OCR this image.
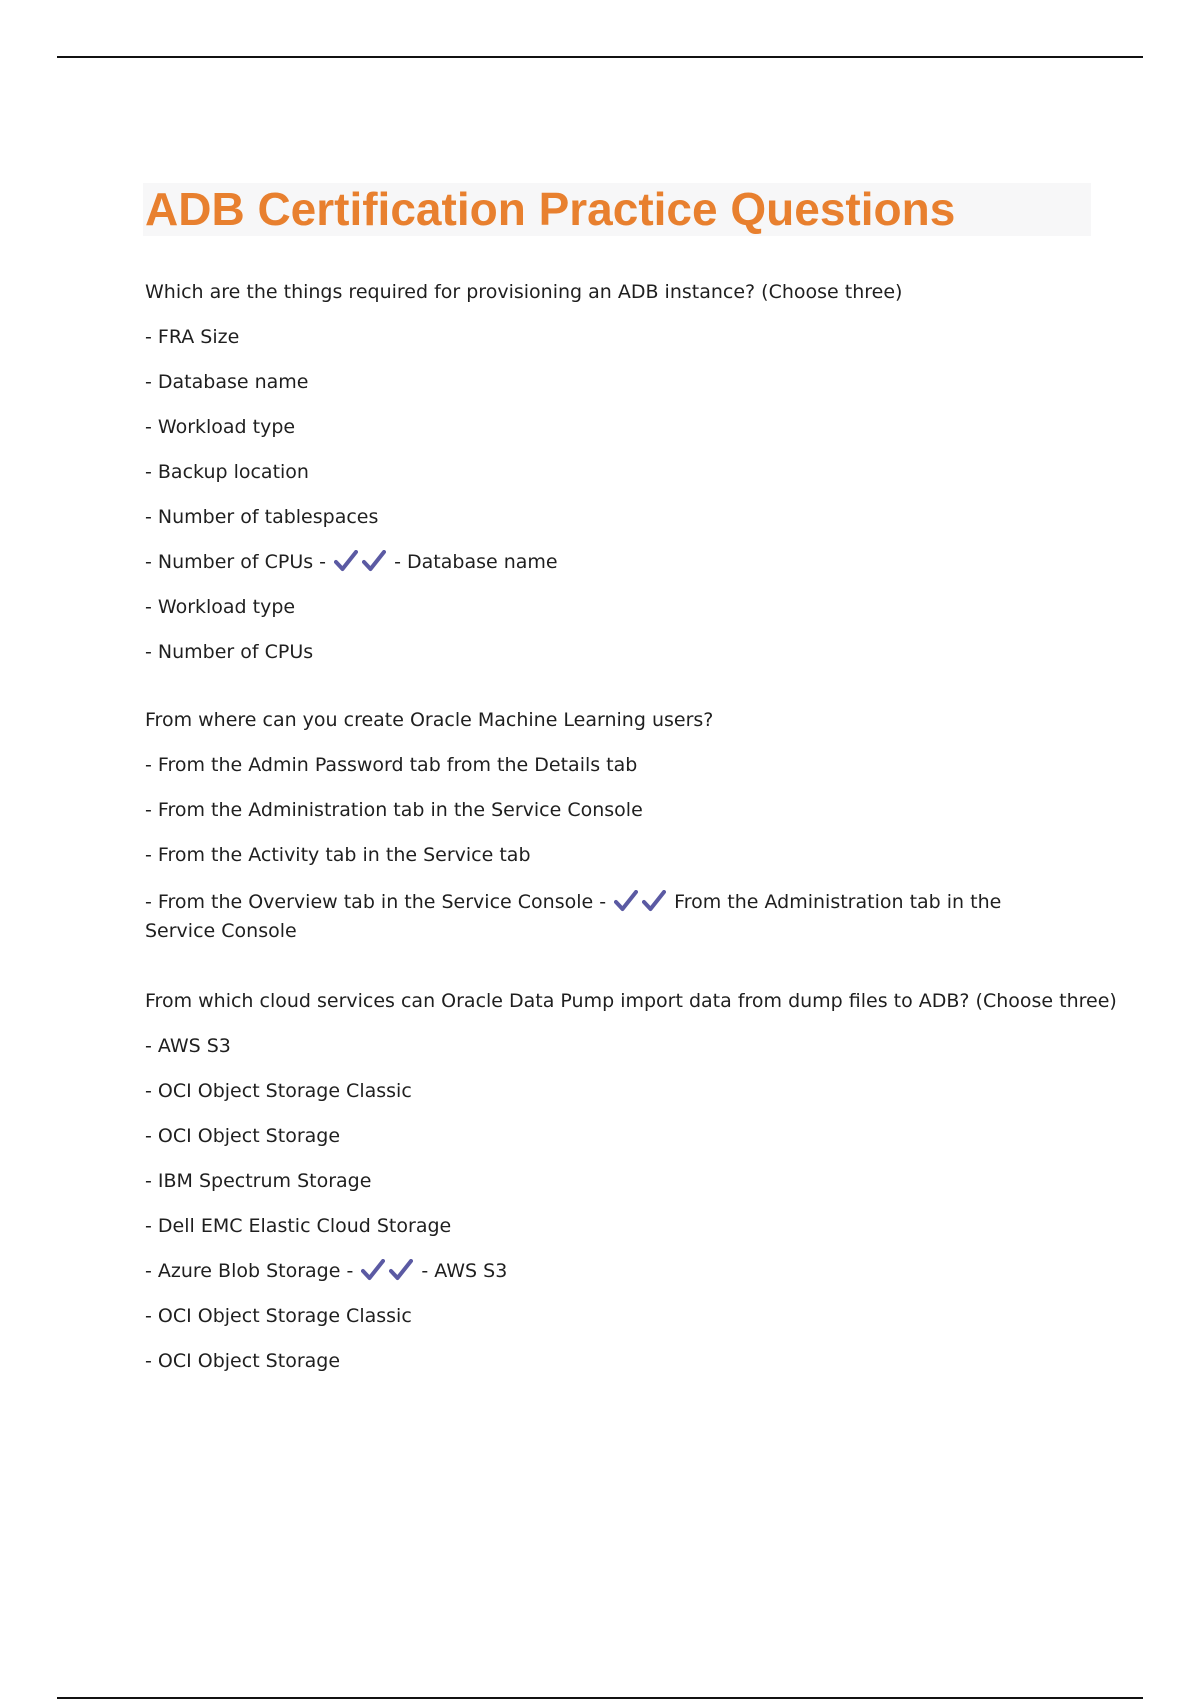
ADB Certification Practice Questions
Which are the things required for provisioning an ADB instance? (Choose three)
- FRA Size
- Database name
- Workload type
- Backup location
- Number of tablespaces
- Number of CPUs -	- Database name
- Workload type
- Number of CPUs
From where can you create Oracle Machine Learning users?
- From the Admin Password tab from the Details tab
- From the Administration tab in the Service Console
- From the Activity tab in the Service tab
- From the Overview tab in the Service Console -	From the Administration tab in the Service Console
From which cloud services can Oracle Data Pump import data from dump files to ADB? (Choose three)
- AWS S3
- OCI Object Storage Classic
- OCI Object Storage
- IBM Spectrum Storage
- Dell EMC Elastic Cloud Storage
- Azure Blob Storage -	- AWS S3
- OCI Object Storage Classic
- OCI Object Storage
